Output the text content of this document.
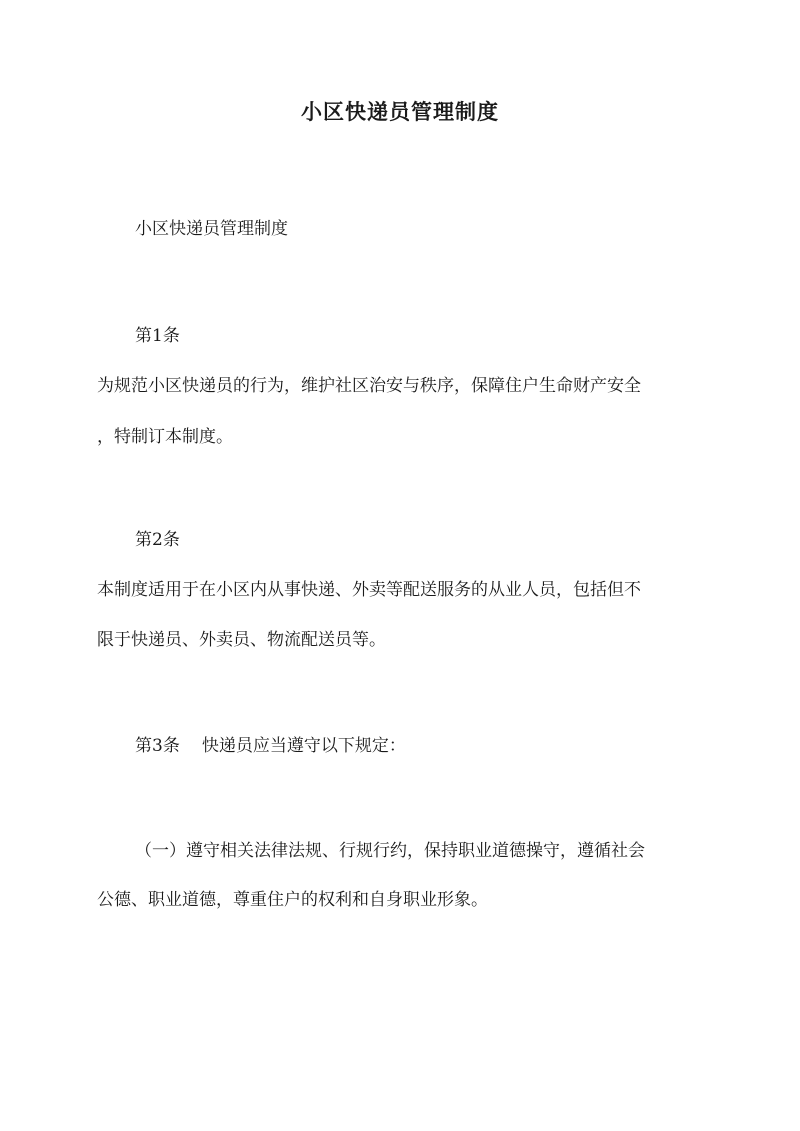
小区快递员管理制度
小区快递员管理制度
第1条
为规范小区快递员的行为，维护社区治安与秩序，保障住户生命财产安全
，特制订本制度。
第2条
本制度适用于在小区内从事快递、外卖等配送服务的从业人员，包括但不
限于快递员、外卖员、物流配送员等。
第3条 快递员应当遵守以下规定：
（一）遵守相关法律法规、行规行约，保持职业道德操守，遵循社会
公德、职业道德，尊重住户的权利和自身职业形象。
